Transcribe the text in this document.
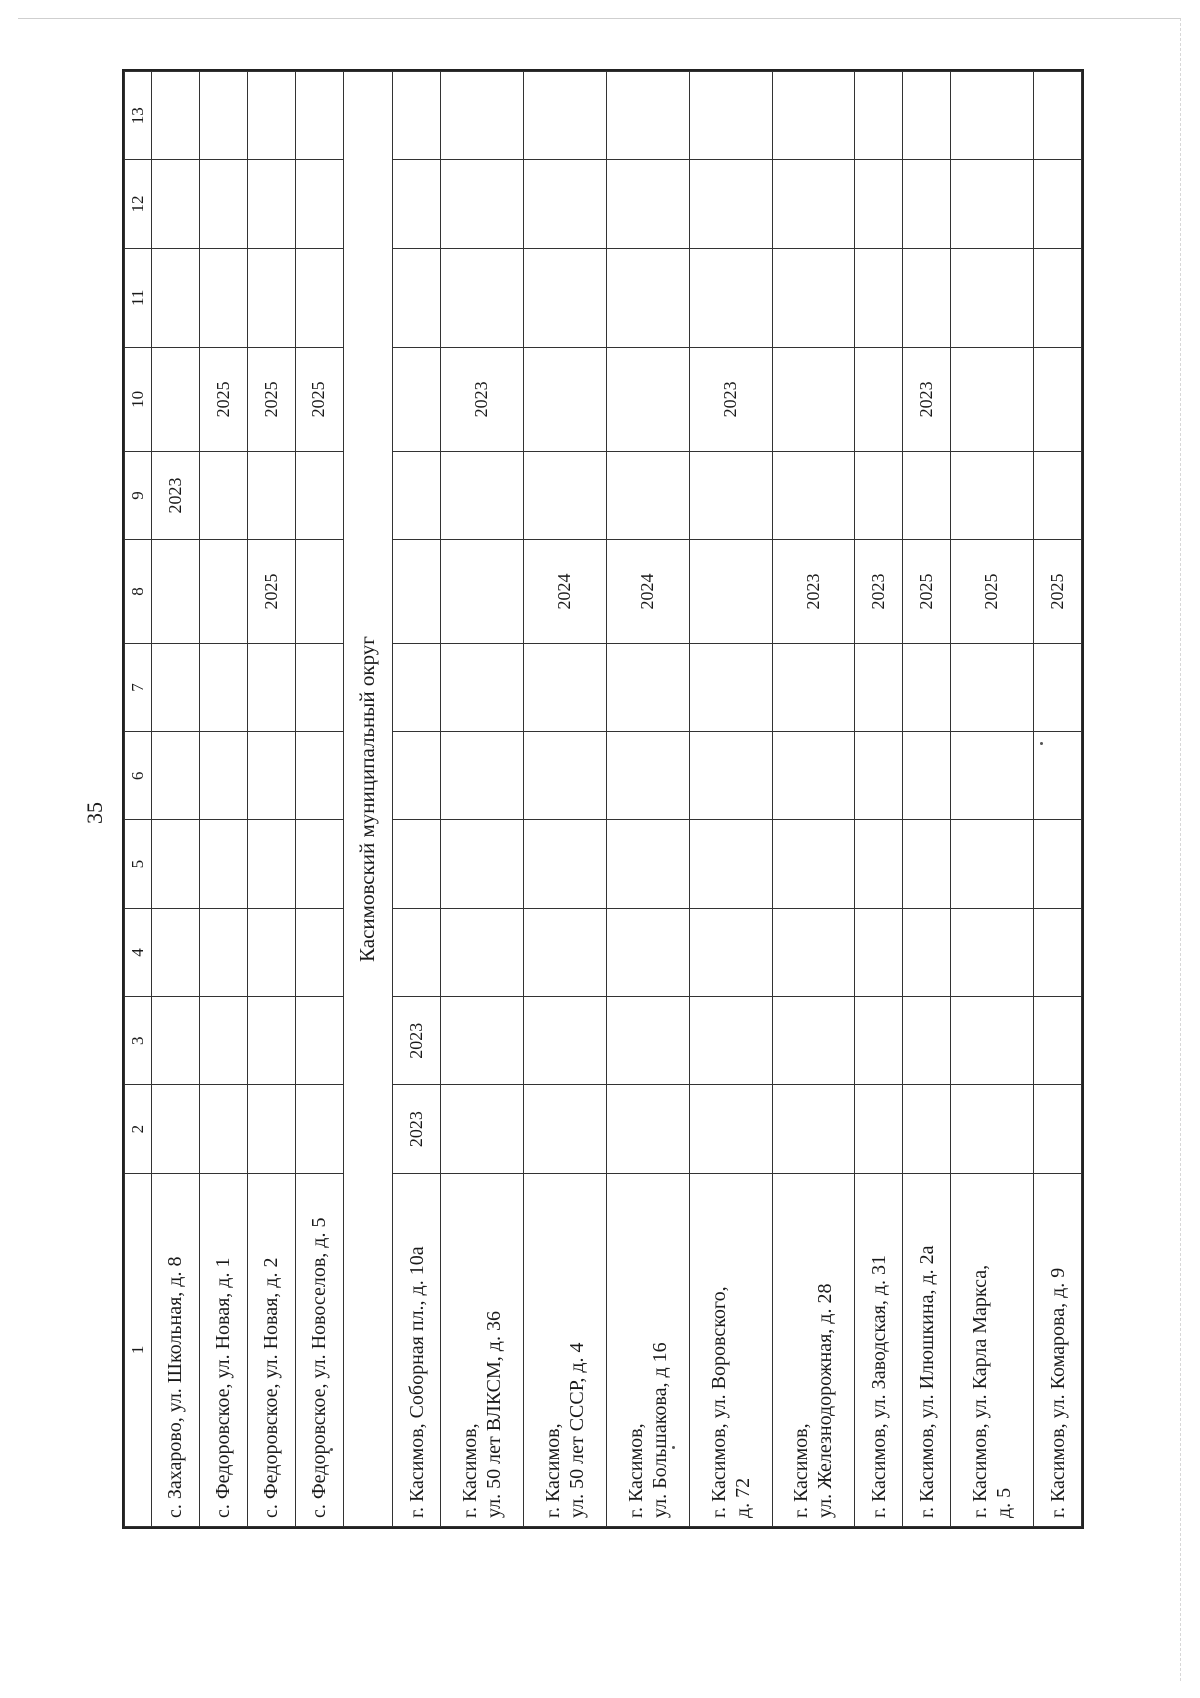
35
1	2	3	4	5	6	7	8	9	10	11	12	13
с. Захарово, ул. Школьная, д. 8								2023				
с. Федоровское, ул. Новая, д. 1									2025			
с. Федоровское, ул. Новая, д. 2							2025		2025			
с. Федоровское, ул. Новоселов, д. 5									2025			
Касимовский муниципальный округ												
г. Касимов, Соборная пл., д. 10а	2023	2023										
г. Касимов,
ул. 50 лет ВЛКСМ, д. 36									2023			
г. Касимов,
ул. 50 лет СССР, д. 4							2024					
г. Касимов,
ул. Большакова, д 16							2024					
г. Касимов, ул. Воровского,
д. 72									2023			
г. Касимов,
ул. Железнодорожная, д. 28							2023					
г. Касимов, ул. Заводская, д. 31							2023					
г. Касимов, ул. Илюшкина, д. 2а							2025		2023			
г. Касимов, ул. Карла Маркса,
д. 5							2025					
г. Касимов, ул. Комарова, д. 9							2025					
